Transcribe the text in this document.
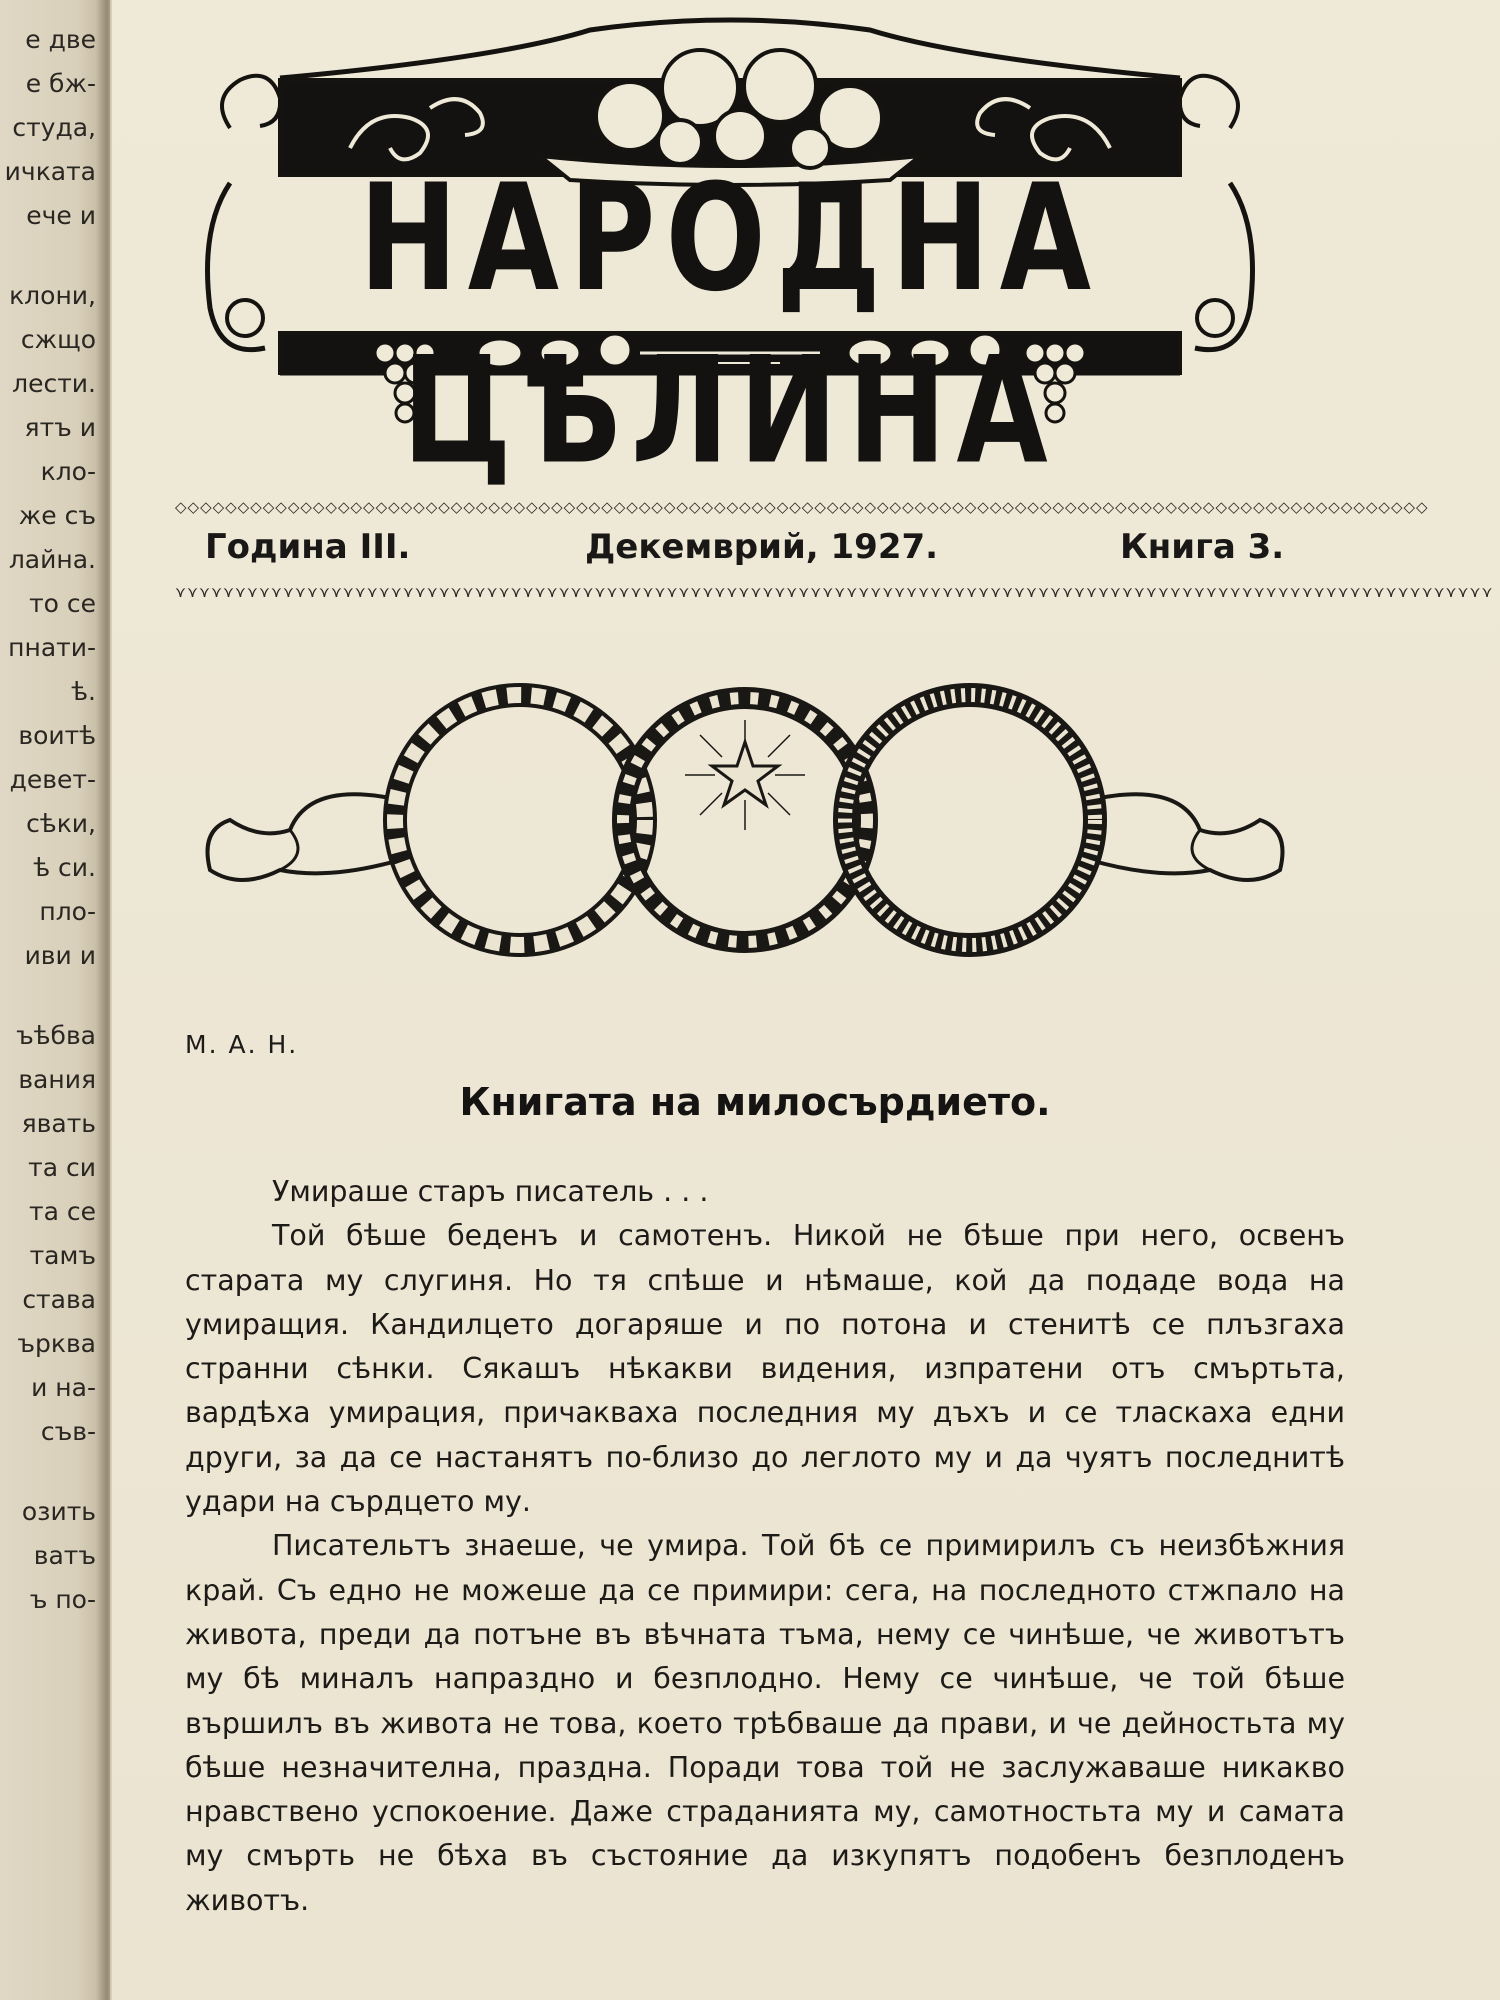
е две
е бж-
студа,
ичката
ече и
клони,
сжщо
лести.
ятъ и
кло-
же съ
лайна.
то се
пнати-
ѣ.
воитѣ
девет-
сѣки,
ѣ си.
пло-
иви и
ъѣбва
вания
явать
та си
та се
тамъ
става
ърква
и на-
съв-
озить
ватъ
ъ по-
НАРОДНА ЦѢЛИНА
◇◇◇◇◇◇◇◇◇◇◇◇◇◇◇◇◇◇◇◇◇◇◇◇◇◇◇◇◇◇◇◇◇◇◇◇◇◇◇◇◇◇◇◇◇◇◇◇◇◇◇◇◇◇◇◇◇◇◇◇◇◇◇◇◇◇◇◇◇◇◇◇◇◇◇◇◇◇◇◇◇◇◇◇◇◇◇◇◇◇◇◇◇◇◇◇◇◇◇◇
Година III.	Декемврий, 1927.	Книга 3.
⋎⋎⋎⋎⋎⋎⋎⋎⋎⋎⋎⋎⋎⋎⋎⋎⋎⋎⋎⋎⋎⋎⋎⋎⋎⋎⋎⋎⋎⋎⋎⋎⋎⋎⋎⋎⋎⋎⋎⋎⋎⋎⋎⋎⋎⋎⋎⋎⋎⋎⋎⋎⋎⋎⋎⋎⋎⋎⋎⋎⋎⋎⋎⋎⋎⋎⋎⋎⋎⋎⋎⋎⋎⋎⋎⋎⋎⋎⋎⋎⋎⋎⋎⋎⋎⋎⋎⋎⋎⋎⋎⋎⋎⋎⋎⋎⋎⋎⋎⋎⋎⋎⋎⋎⋎⋎⋎⋎⋎⋎
М. А. Н.
Книгата на милосърдието.

Умираше старъ писатель . . .

Той бѣше беденъ и самотенъ. Никой не бѣше при него, освенъ старата му слугиня. Но тя спѣше и нѣмаше, кой да подаде вода на умиращия. Кандилцето догаряше и по потона и стенитѣ се плъзгаха странни сѣнки. Сякашъ нѣкакви видения, изпратени отъ смъртьта, вардѣха умирация, причакваха последния му дъхъ и се тласкаха едни други, за да се настанятъ по-близо до леглото му и да чуятъ последнитѣ удари на сърдцето му.

Писательтъ знаеше, че умира. Той бѣ се примирилъ съ неизбѣжния край. Съ едно не можеше да се примири: сега, на последното стжпало на живота, преди да потъне въ вѣчната тъма, нему се чинѣше, че животътъ му бѣ миналъ напраздно и безплодно. Нему се чинѣше, че той бѣше вършилъ въ живота не това, което трѣбваше да прави, и че дейностьта му бѣше незначителна, праздна. Поради това той не заслужаваше никакво нравствено успокоение. Даже страданията му, самотностьта му и самата му смърть не бѣха въ състояние да изкупятъ подобенъ безплоденъ животъ.
